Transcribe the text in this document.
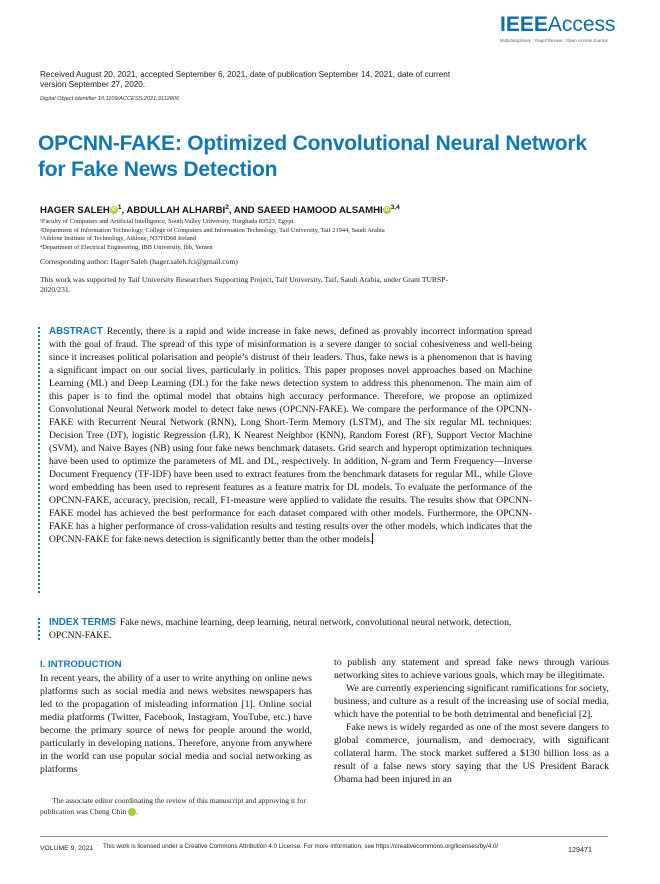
IEEEAccess
Multidisciplinary ⁝ Rapid Review ⁝ Open Access Journal
Received August 20, 2021, accepted September 6, 2021, date of publication September 14, 2021, date of current version September 27, 2020.
Digital Object Identifier 10.1109/ACCESS.2021.3112806
OPCNN-FAKE: Optimized Convolutional Neural Network for Fake News Detection
HAGER SALEH iD $^1$, ABDULLAH ALHARBI$^2$, AND SAEED HAMOOD ALSAMHI iD $^{3,4}$
¹Faculty of Computers and Artificial Intelligence, South Valley University, Hurghada 83523, Egypt
²Department of Information Technology, College of Computers and Information Technology, Taif University, Taif 21944, Saudi Arabia
³Athlone Institute of Technology, Athlone, N37HD68 Ireland
⁴Department of Electrical Engineering, IBB University, Ibb, Yemen
Corresponding author: Hager Saleh (hager.saleh.fci@gmail.com)
This work was supported by Taif University Researchers Supporting Project, Taif University, Taif, Saudi Arabia, under Grant TURSP-2020/231.
ABSTRACT Recently, there is a rapid and wide increase in fake news, defined as provably incorrect information spread with the goal of fraud. The spread of this type of misinformation is a severe danger to social cohesiveness and well-being since it increases political polarisation and people’s distrust of their leaders. Thus, fake news is a phenomenon that is having a significant impact on our social lives, particularly in politics. This paper proposes novel approaches based on Machine Learning (ML) and Deep Learning (DL) for the fake news detection system to address this phenomenon. The main aim of this paper is to find the optimal model that obtains high accuracy performance. Therefore, we propose an optimized Convolutional Neural Network model to detect fake news (OPCNN-FAKE). We compare the performance of the OPCNN-FAKE with Recurrent Neural Network (RNN), Long Short-Term Memory (LSTM), and The six regular ML techniques: Decision Tree (DT), logistic Regression (LR), K Nearest Neighbor (KNN), Random Forest (RF), Support Vector Machine (SVM), and Naive Bayes (NB) using four fake news benchmark datasets. Grid search and hyperopt optimization techniques have been used to optimize the parameters of ML and DL, respectively. In addition, N-gram and Term Frequency—Inverse Document Frequency (TF-IDF) have been used to extract features from the benchmark datasets for regular ML, while Glove word embedding has been used to represent features as a feature matrix for DL models. To evaluate the performance of the OPCNN-FAKE, accuracy, precision, recall, F1-measure were applied to validate the results. The results show that OPCNN-FAKE model has achieved the best performance for each dataset compared with other models. Furthermore, the OPCNN-FAKE has a higher performance of cross-validation results and testing results over the other models, which indicates that the OPCNN-FAKE for fake news detection is significantly better than the other models.
INDEX TERMS Fake news, machine learning, deep learning, neural network, convolutional neural network, detection, OPCNN-FAKE.
I. INTRODUCTION

In recent years, the ability of a user to write anything on online news platforms such as social media and news websites newspapers has led to the propagation of misleading information [1]. Online social media platforms (Twitter, Facebook, Instagram, YouTube, etc.) have become the primary source of news for people around the world, particularly in developing nations. Therefore, anyone from anywhere in the world can use popular social media and social networking as platforms

to publish any statement and spread fake news through various networking sites to achieve various goals, which may be illegitimate.

We are currently experiencing significant ramifications for society, business, and culture as a result of the increasing use of social media, which have the potential to be both detrimental and beneficial [2].

Fake news is widely regarded as one of the most severe dangers to global commerce, journalism, and democracy, with significant collateral harm. The stock market suffered a $130 billion loss as a result of a false news story saying that the US President Barack Obama had been injured in an

The associate editor coordinating the review of this manuscript and approving it for publication was Cheng Chin	iD.
VOLUME 9, 2021 This work is licensed under a Creative Commons Attribution 4.0 License. For more information, see https://creativecommons.org/licenses/by/4.0/	129471
